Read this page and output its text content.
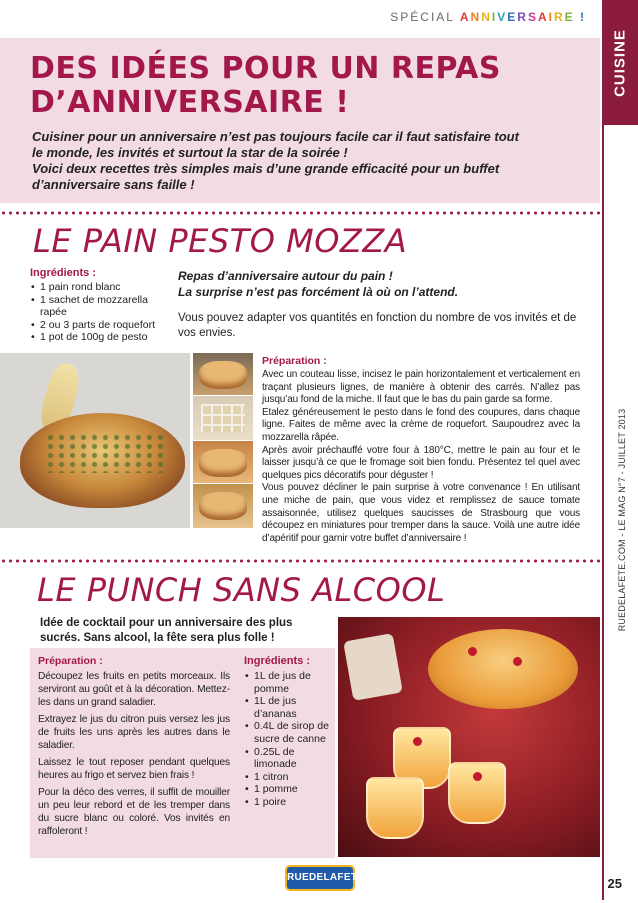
SPÉCIAL ANNIVERSAIRE !
CUISINE
RUEDELAFETE.COM - LE MAG N°7 - JUILLET 2013
DES IDÉES POUR UN REPAS
D’ANNIVERSAIRE !
Cuisiner pour un anniversaire n’est pas toujours facile car il faut satisfaire tout
le monde, les invités et surtout la star de la soirée !
Voici deux recettes très simples mais d’une grande efficacité pour un buffet
d’anniversaire sans faille !
LE PAIN PESTO MOZZA
Ingrédients :
• 1 pain rond blanc
• 1 sachet de mozzarella rapée
• 2 ou 3 parts de roquefort
• 1 pot de 100g de pesto
Repas d’anniversaire autour du pain !
La surprise n’est pas forcément là où on l’attend.
Vous pouvez adapter vos quantités en fonction du nombre de vos invités et de vos envies.
Préparation :
Avec un couteau lisse, incisez le pain horizontalement et verticalement en traçant plusieurs lignes, de manière à obtenir des carrés. N’allez pas jusqu’au fond de la miche. Il faut que le bas du pain garde sa forme.
Etalez généreusement le pesto dans le fond des coupures, dans chaque ligne. Faites de même avec la crème de roquefort. Saupoudrez avec la mozzarella râpée.
Après avoir préchauffé votre four à 180°C, mettre le pain au four et le laisser jusqu’à ce que le fromage soit bien fondu. Présentez tel quel avec quelques pics décoratifs pour déguster !
Vous pouvez décliner le pain surprise à votre convenance ! En utilisant une miche de pain, que vous videz et remplissez de sauce tomate assaisonnée, utilisez quelques saucisses de Strasbourg que vous découpez en miniatures pour tremper dans la sauce. Voilà une autre idée d’apéritif pour garnir votre buffet d’anniversaire !
LE PUNCH SANS ALCOOL
Idée de cocktail pour un anniversaire des plus sucrés. Sans alcool, la fête sera plus folle !
Préparation :

Découpez les fruits en petits morceaux. Ils serviront au goût et à la décoration. Mettez-les dans un grand saladier.

Extrayez le jus du citron puis versez les jus de fruits les uns après les autres dans le saladier.

Laissez le tout reposer pendant quelques heures au frigo et servez bien frais !

Pour la déco des verres, il suffit de mouiller un peu leur rebord et de les tremper dans du sucre blanc ou coloré. Vos invités en raffoleront !

Ingrédients :
• 1L de jus de pomme
• 1L de jus d’ananas
• 0.4L de sirop de sucre de canne
• 0.25L de limonade
• 1 citron
• 1 pomme
• 1 poire
RUEDELAFETE	25
